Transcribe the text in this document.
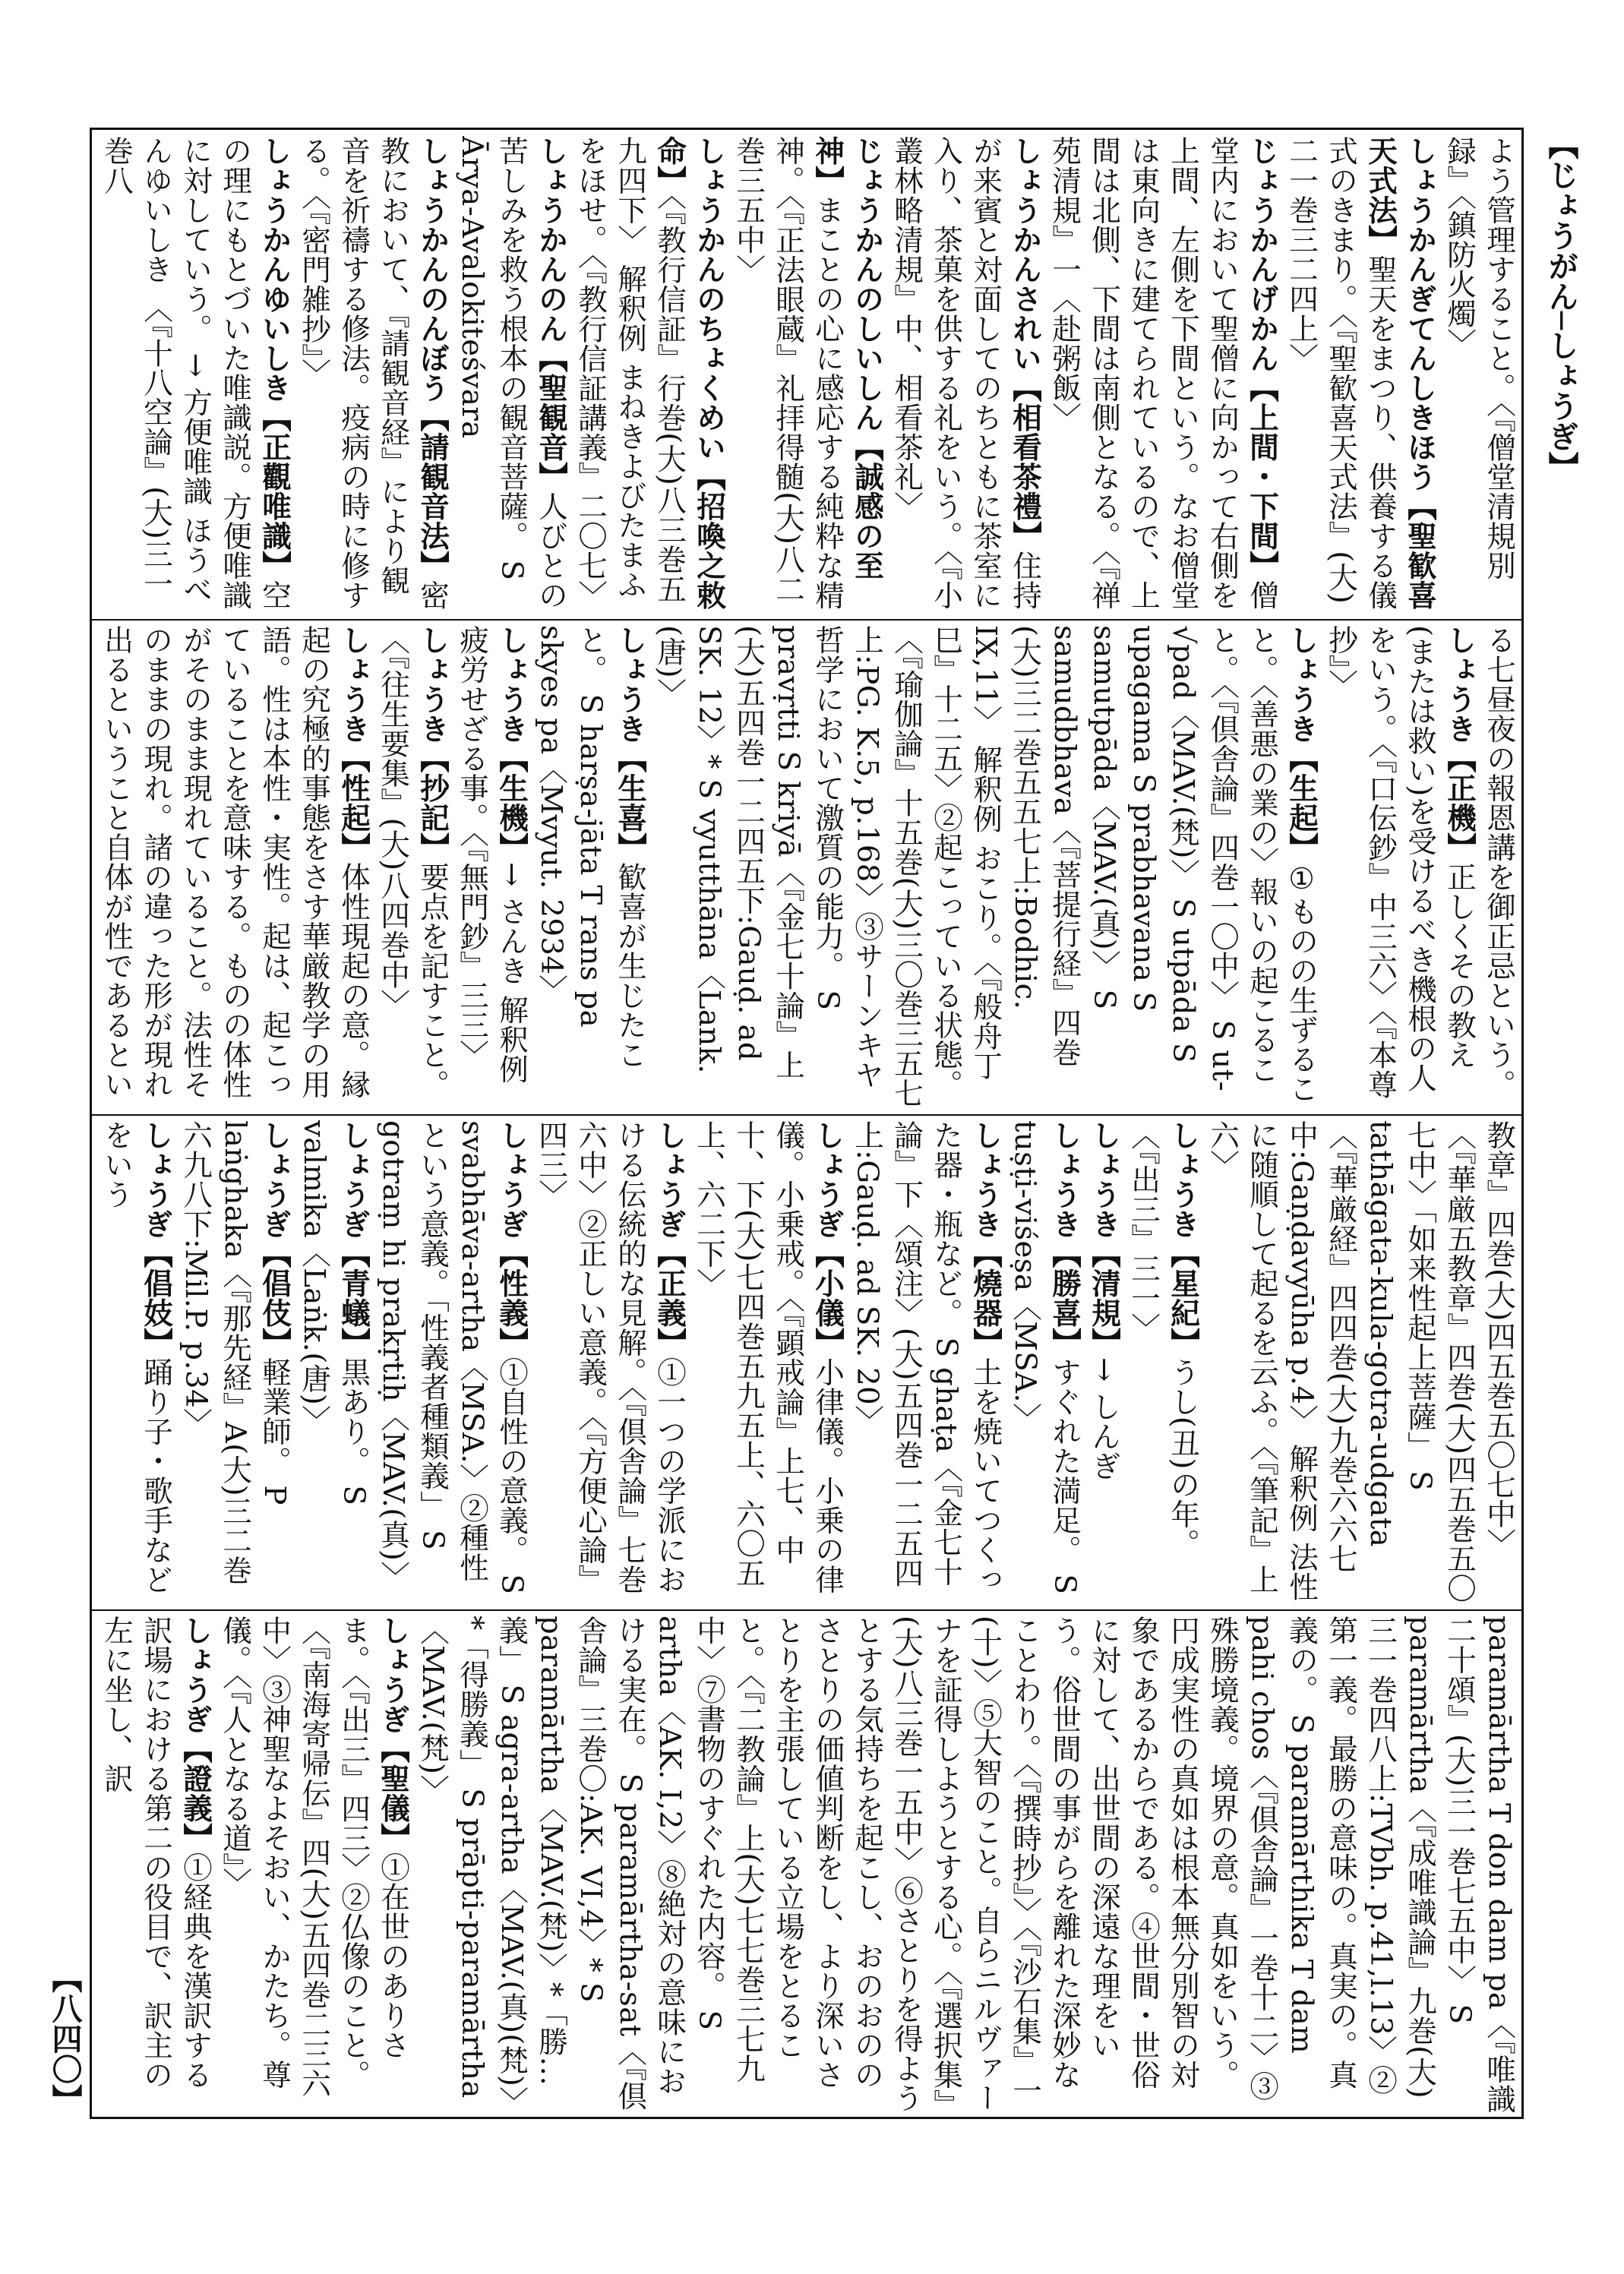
【じょうがん─しょうぎ】
【八四〇】

よう管理すること。〈『僧堂清規別録』〈鎮防火燭〉

しょうかんぎてんしきほう【聖歓喜天式法】聖天をまつり、供養する儀式のきまり。〈『聖歓喜天式法』(大)二一巻三二四上〉

じょうかんげかん【上間・下間】僧堂内において聖僧に向かって右側を上間、左側を下間という。なお僧堂は東向きに建てられているので、上間は北側、下間は南側となる。〈『禅苑清規』一〈赴粥飯〉

しょうかんされい【相看茶禮】住持が来賓と対面してのちともに茶室に入り、茶菓を供する礼をいう。〈『小叢林略清規』中、相看茶礼〉

じょうかんのしいしん【誠感の至神】まことの心に感応する純粋な精神。〈『正法眼蔵』礼拝得髄(大)八二巻三五中〉

しょうかんのちょくめい【招喚之敕命】〈『教行信証』行巻(大)八三巻五九四下〉 解釈例 まねきよびたまふをほせ。〈『教行信証講義』二〇七〉

しょうかんのん【聖観音】人びとの苦しみを救う根本の観音菩薩。 S Ārya-Avalokiteśvara

しょうかんのんぼう【請観音法】密教において、『請観音経』により観音を祈禱する修法。疫病の時に修する。〈『密門雑抄』〉

しょうかんゆいしき【正觀唯識】空の理にもとづいた唯識説。方便唯識に対していう。 → 方便唯識 ほうべんゆいしき 〈『十八空論』(大)三一巻八

る七昼夜の報恩講を御正忌という。

しょうき【正機】正しくその教え(または救い)を受けるべき機根の人をいう。〈『口伝鈔』中三六〉〈『本尊抄』〉

しょうき【生起】①ものの生ずること。〈善悪の業の〉報いの起こること。〈『倶舎論』四巻一〇中〉 S ut-√pad〈MAV.(梵)〉 S utpāda S upagama S prabhavana S samutpāda〈MAV.(真)〉 S samudbhava〈『菩提行経』四巻(大)三二巻五五七上:Bodhic. IX,11〉 解釈例 おこり。〈『般舟丁巳』十二五〉②起こっている状態。〈『瑜伽論』十五巻(大)三〇巻三五七上:PG. K.5, p.168〉③サーンキヤ哲学において激質の能力。 S pravṛtti S kriyā〈『金七十論』上(大)五四巻一二四五下:Gauḍ. ad SK. 12〉* S vyutthāna〈Lank.(唐)〉

しょうき【生喜】歓喜が生じたこと。 S harṣa-jāta T rans pa skyes pa〈Mvyut. 2934〉

しょうき【生機】→ さんき 解釈例 疲労せざる事。〈『無門鈔』三三〉

しょうき【抄記】要点を記すこと。〈『往生要集』(大)八四巻中〉

しょうき【性起】体性現起の意。縁起の究極的事態をさす華厳教学の用語。性は本性・実性。起は、起こっていることを意味する。ものの体性がそのまま現れていること。法性そのままの現れ。諸の違った形が現れ出るということ自体が性であるとい

教章』四巻(大)四五巻五〇七中〉〈『華厳五教章』四巻(大)四五巻五〇七中〉「如来性起上菩薩」 S tathāgata-kula-gotra-udgata〈『華厳経』四四巻(大)九巻六六七中:Gaṇḍavyūha p.4〉 解釈例 法性に随順して起るを云ふ。〈『筆記』上六〉

しょうき【星紀】うし(丑)の年。〈『出三』三一〉

しょうき【清規】→ しんぎ

しょうき【勝喜】すぐれた満足。 S tuṣṭi-viśeṣa〈MSA.〉

しょうき【燒器】土を焼いてつくった器・瓶など。 S ghaṭa〈『金七十論』下〈頌注〉(大)五四巻一二五四上:Gauḍ. ad SK. 20〉

しょうぎ【小儀】小律儀。小乗の律儀。小乗戒。〈『顕戒論』上七、中十、下(大)七四巻五九五上、六〇五上、六二下〉

しょうぎ【正義】①一つの学派における伝統的な見解。〈『倶舎論』七巻六中〉②正しい意義。〈『方便心論』四三〉

しょうぎ【性義】①自性の意義。 S svabhāva-artha〈MSA.〉②種性という意義。「性義者種類義」 S gotraṃ hi prakṛtiḥ〈MAV.(真)〉

しょうぎ【青蟻】黒あり。 S valmika〈Laṅk.(唐)〉

しょうぎ【倡伎】軽業師。 P laṅghaka〈『那先経』A(大)三二巻六九八下:Mil.P. p.34〉

しょうぎ【倡妓】踊り子・歌手などをいう

paramārtha T don dam pa〈『唯識二十頌』(大)三一巻七五中〉 S paramārtha〈『成唯識論』九巻(大)三一巻四八上:TVbh. p.41,l.13〉②第一義。最勝の意味の。真実の。真義の。 S paramārthika T dam pahi chos〈『倶舎論』一巻十二〉③殊勝境義。境界の意。真如をいう。円成実性の真如は根本無分別智の対象であるからである。④世間・世俗に対して、出世間の深遠な理をいう。俗世間の事がらを離れた深妙なことわり。〈『撰時抄』〉〈『沙石集』一(十)〉⑤大智のこと。自らニルヴァーナを証得しようとする心。〈『選択集』(大)八三巻一五中〉⑥さとりを得ようとする気持ちを起こし、おのおののさとりの価値判断をし、より深いさとりを主張している立場をとること。〈『二教論』上(大)七七巻三七九中〉⑦書物のすぐれた内容。 S artha〈AK. I,2〉⑧絶対の意味における実在。 S paramārtha-sat〈『倶舎論』三巻〇:AK. VI,4〉* S paramārtha〈MAV.(梵)〉*「勝…義」 S agra-artha〈MAV.(真)(梵)〉*「得勝義」 S prāpti-paramārtha〈MAV.(梵)〉

しょうぎ【聖儀】①在世のありさま。〈『出三』四三〉②仏像のこと。〈『南海寄帰伝』四(大)五四巻二三六中〉③神聖なよそおい、かたち。尊儀。〈『人となる道』〉

しょうぎ【證義】①経典を漢訳する訳場における第二の役目で、訳主の左に坐し、訳
